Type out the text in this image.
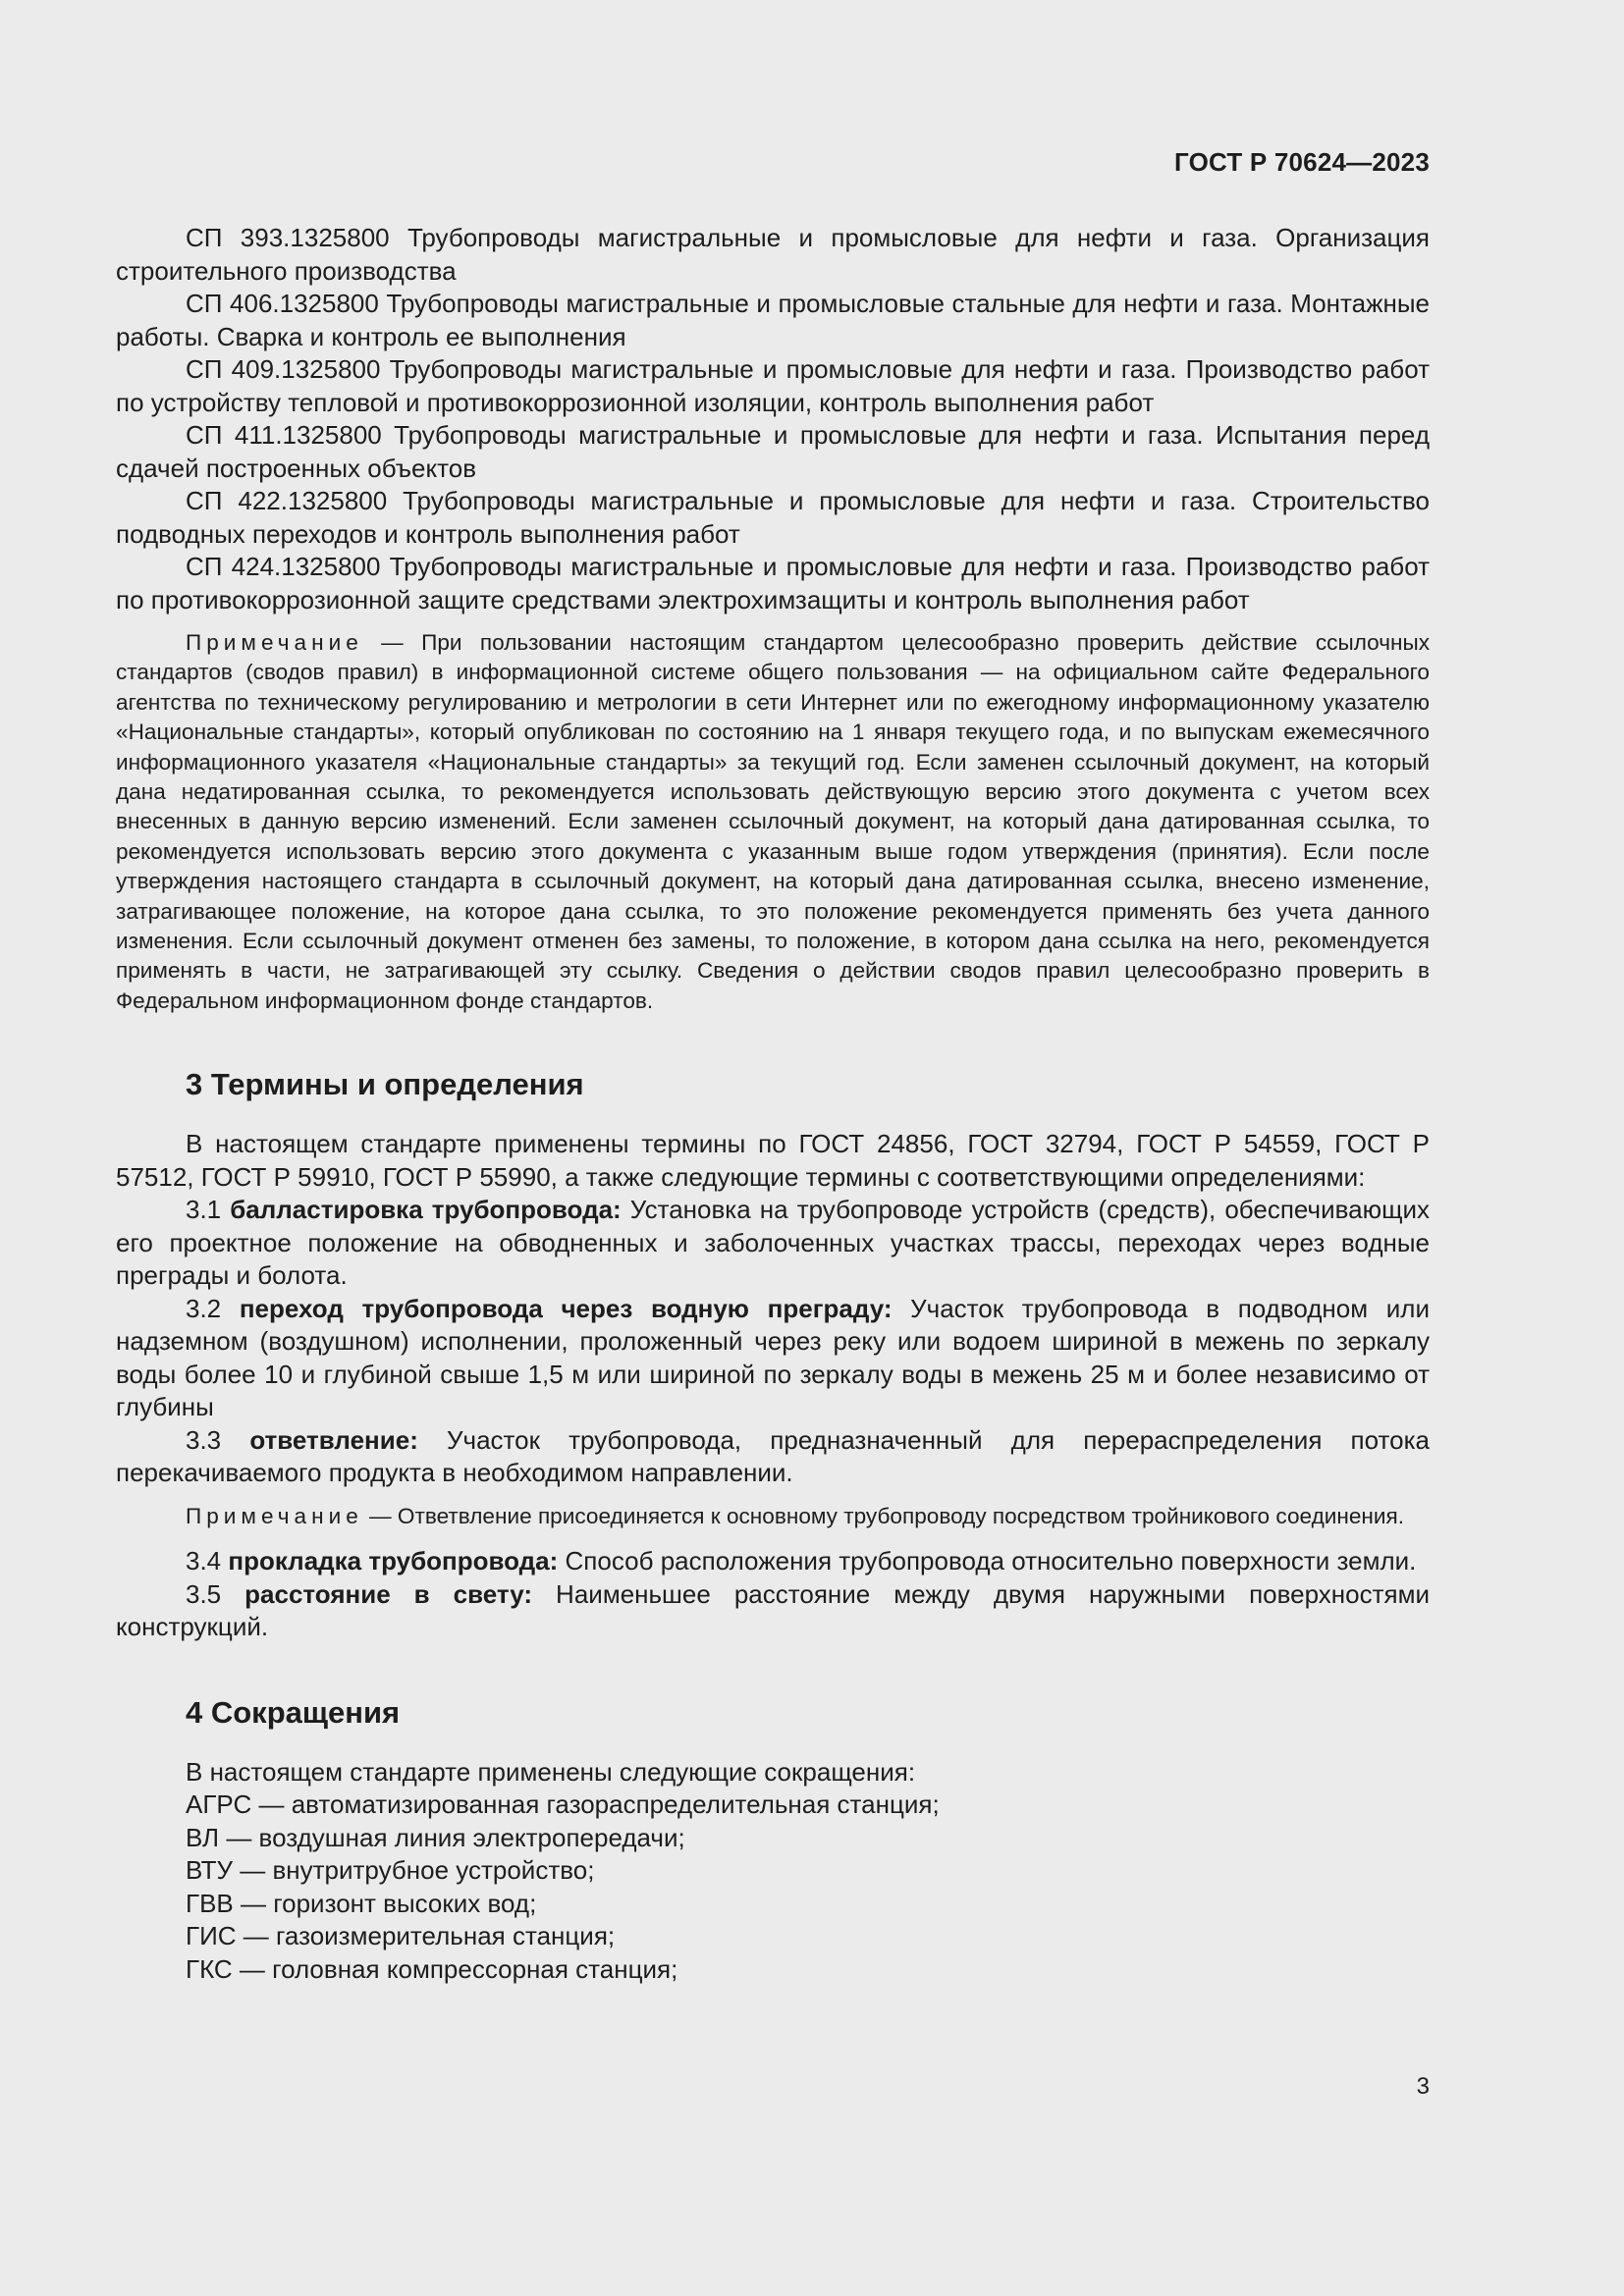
ГОСТ Р 70624—2023

СП 393.1325800 Трубопроводы магистральные и промысловые для нефти и газа. Организация строительного производства

СП 406.1325800 Трубопроводы магистральные и промысловые стальные для нефти и газа. Монтажные работы. Сварка и контроль ее выполнения

СП 409.1325800 Трубопроводы магистральные и промысловые для нефти и газа. Производство работ по устройству тепловой и противокоррозионной изоляции, контроль выполнения работ

СП 411.1325800 Трубопроводы магистральные и промысловые для нефти и газа. Испытания перед сдачей построенных объектов

СП 422.1325800 Трубопроводы магистральные и промысловые для нефти и газа. Строительство подводных переходов и контроль выполнения работ

СП 424.1325800 Трубопроводы магистральные и промысловые для нефти и газа. Производство работ по противокоррозионной защите средствами электрохимзащиты и контроль выполнения работ

Примечание — При пользовании настоящим стандартом целесообразно проверить действие ссылочных стандартов (сводов правил) в информационной системе общего пользования — на официальном сайте Федерального агентства по техническому регулированию и метрологии в сети Интернет или по ежегодному информационному указателю «Национальные стандарты», который опубликован по состоянию на 1 января текущего года, и по выпускам ежемесячного информационного указателя «Национальные стандарты» за текущий год. Если заменен ссылочный документ, на который дана недатированная ссылка, то рекомендуется использовать действующую версию этого документа с учетом всех внесенных в данную версию изменений. Если заменен ссылочный документ, на который дана датированная ссылка, то рекомендуется использовать версию этого документа с указанным выше годом утверждения (принятия). Если после утверждения настоящего стандарта в ссылочный документ, на который дана датированная ссылка, внесено изменение, затрагивающее положение, на которое дана ссылка, то это положение рекомендуется применять без учета данного изменения. Если ссылочный документ отменен без замены, то положение, в котором дана ссылка на него, рекомендуется применять в части, не затрагивающей эту ссылку. Сведения о действии сводов правил целесообразно проверить в Федеральном информационном фонде стандартов.

3 Термины и определения

В настоящем стандарте применены термины по ГОСТ 24856, ГОСТ 32794, ГОСТ Р 54559, ГОСТ Р 57512, ГОСТ Р 59910, ГОСТ Р 55990, а также следующие термины с соответствующими определениями:

3.1 балластировка трубопровода: Установка на трубопроводе устройств (средств), обеспечивающих его проектное положение на обводненных и заболоченных участках трассы, переходах через водные преграды и болота.

3.2 переход трубопровода через водную преграду: Участок трубопровода в подводном или надземном (воздушном) исполнении, проложенный через реку или водоем шириной в межень по зеркалу воды более 10 и глубиной свыше 1,5 м или шириной по зеркалу воды в межень 25 м и более независимо от глубины

3.3 ответвление: Участок трубопровода, предназначенный для перераспределения потока перекачиваемого продукта в необходимом направлении.

Примечание — Ответвление присоединяется к основному трубопроводу посредством тройникового соединения.

3.4 прокладка трубопровода: Способ расположения трубопровода относительно поверхности земли.

3.5 расстояние в свету: Наименьшее расстояние между двумя наружными поверхностями конструкций.

4 Сокращения

В настоящем стандарте применены следующие сокращения:

АГРС — автоматизированная газораспределительная станция;

ВЛ — воздушная линия электропередачи;

ВТУ — внутритрубное устройство;

ГВВ — горизонт высоких вод;

ГИС — газоизмерительная станция;

ГКС — головная компрессорная станция;

3
